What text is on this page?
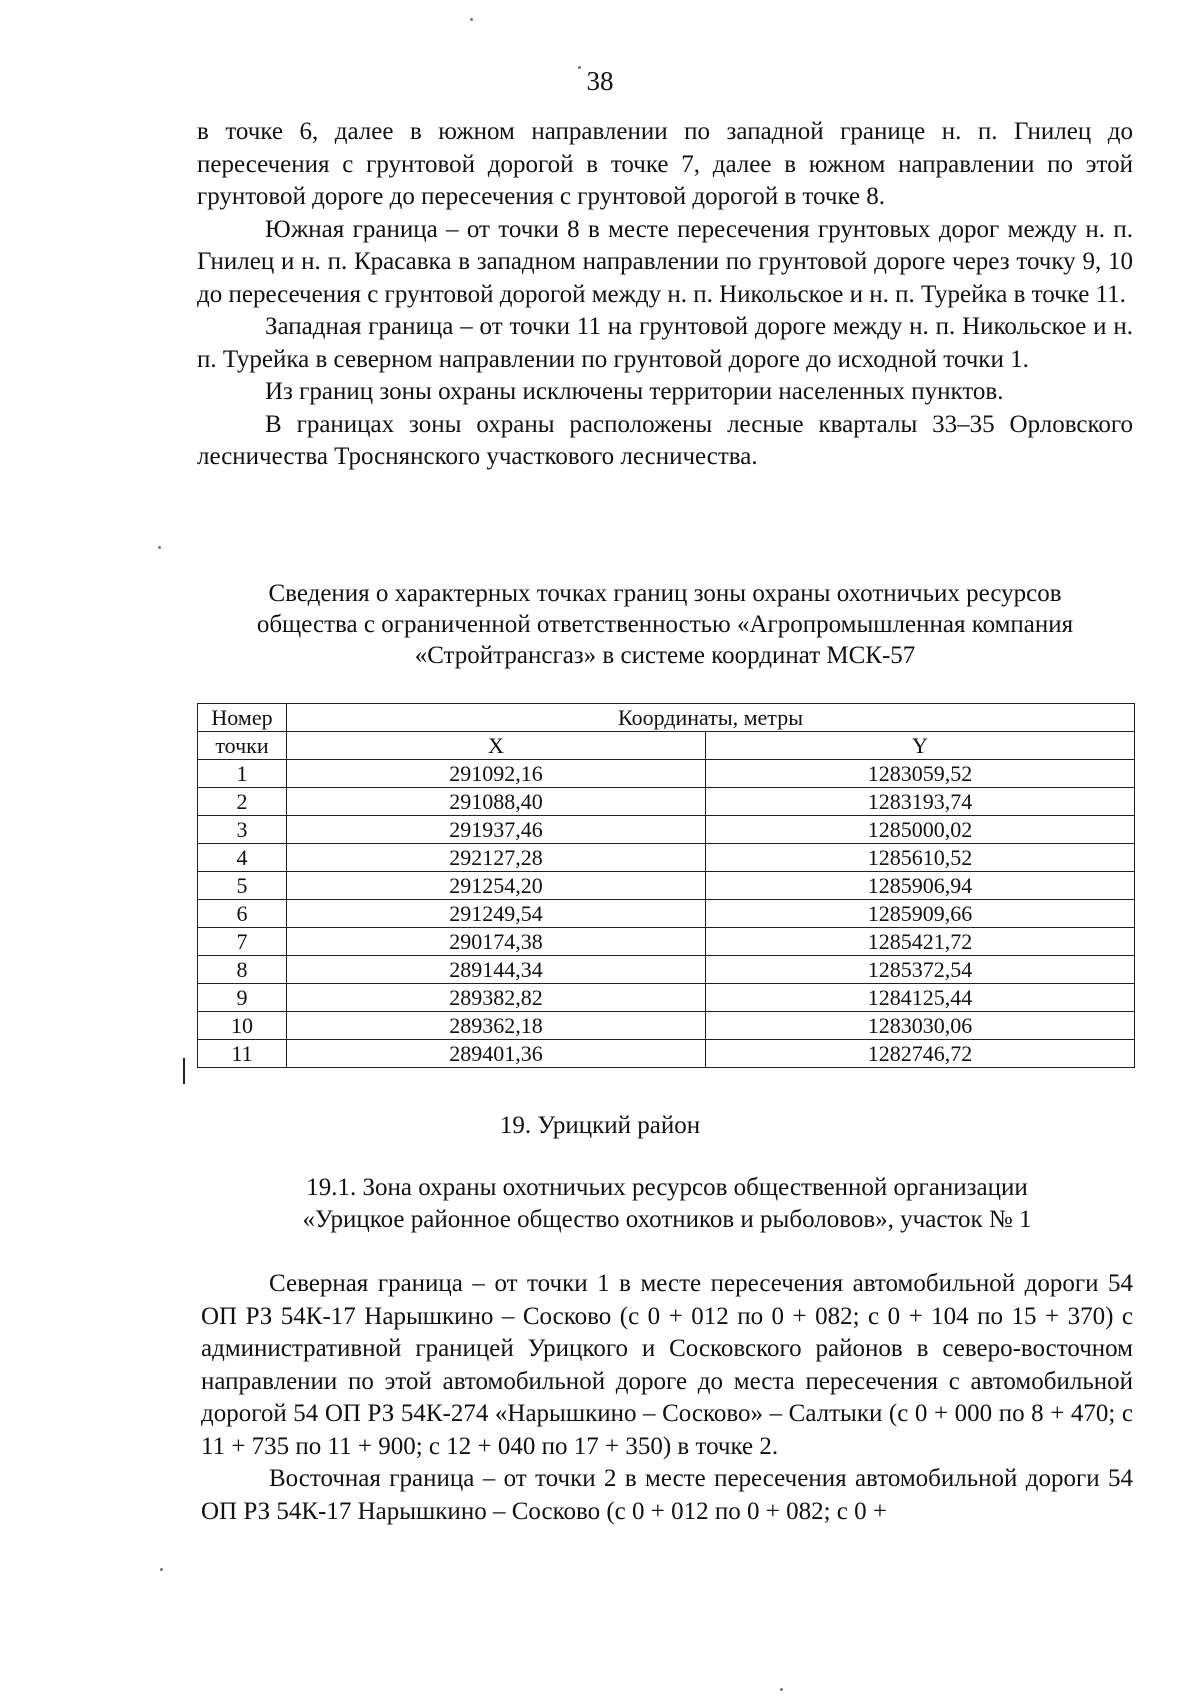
38

в точке 6, далее в южном направлении по западной границе н. п. Гнилец до пересечения с грунтовой дорогой в точке 7, далее в южном направлении по этой грунтовой дороге до пересечения с грунтовой дорогой в точке 8.

Южная граница – от точки 8 в месте пересечения грунтовых дорог между н. п. Гнилец и н. п. Красавка в западном направлении по грунтовой дороге через точку 9, 10 до пересечения с грунтовой дорогой между н. п. Никольское и н. п. Турейка в точке 11.

Западная граница – от точки 11 на грунтовой дороге между н. п. Никольское и н. п. Турейка в северном направлении по грунтовой дороге до исходной точки 1.

Из границ зоны охраны исключены территории населенных пунктов.

В границах зоны охраны расположены лесные кварталы 33–35 Орловского лесничества Троснянского участкового лесничества.

Сведения о характерных точках границ зоны охраны охотничьих ресурсов
общества с ограниченной ответственностью «Агропромышленная компания
«Стройтрансгаз» в системе координат МСК-57
Номер	Координаты, метры	
точки	X	Y
1	291092,16	1283059,52
2	291088,40	1283193,74
3	291937,46	1285000,02
4	292127,28	1285610,52
5	291254,20	1285906,94
6	291249,54	1285909,66
7	290174,38	1285421,72
8	289144,34	1285372,54
9	289382,82	1284125,44
10	289362,18	1283030,06
11	289401,36	1282746,72
19. Урицкий район
19.1. Зона охраны охотничьих ресурсов общественной организации
«Урицкое районное общество охотников и рыболовов», участок № 1

Северная граница – от точки 1 в месте пересечения автомобильной дороги 54 ОП РЗ 54К-17 Нарышкино – Сосково (с 0 + 012 по 0 + 082; с 0 + 104 по 15 + 370) с административной границей Урицкого и Сосковского районов в северо-восточном направлении по этой автомобильной дороге до места пересечения с автомобильной дорогой 54 ОП РЗ 54К-274 «Нарышкино – Сосково» – Салтыки (с 0 + 000 по 8 + 470; с 11 + 735 по 11 + 900; с 12 + 040 по 17 + 350) в точке 2.

Восточная граница – от точки 2 в месте пересечения автомобильной дороги 54 ОП РЗ 54К-17 Нарышкино – Сосково (с 0 + 012 по 0 + 082; с 0 +
